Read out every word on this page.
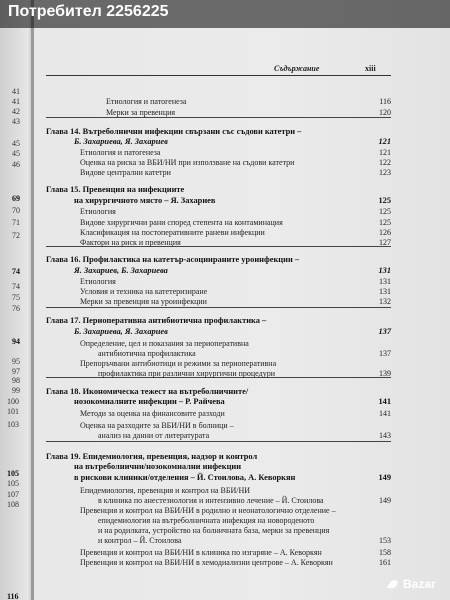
41
41
42
43
45
45
46
69
70
71
72
74
74
75
76
94
95
97
98
99
100
101
103
105
105
107
108
116
Съдържание	xiii
Етиология и патогенеза	116
Мерки за превенция	120
Глава 14. Вътреболнични инфекции свързани със съдови катетри –
Б. Захариева, Я. Захариев	121
Етиология и патогенеза	121
Оценка на риска за ВБИ/НИ при използване на съдови катетри	122
Видове централни катетри	123
Глава 15. Превенция на инфекциите
на хирургичното място – Я. Захариев	125
Етиология	125
Видове хирургични рани според степента на контаминация	125
Класификация на постоперативните раневи инфекции	126
Фактори на риск и превенция	127
Глава 16. Профилактика на катетър-асоциираните уроинфекции –
Я. Захариев, Б. Захариева	131
Етиология	131
Условия и техника на катетеризиране	131
Мерки за превенция на уроинфекции	132
Глава 17. Периоперативна антибиотична профилактика –
Б. Захариева, Я. Захариев	137
Определение, цел и показания за периоперативна
антибиотична профилактика	137
Препоръчвани антибиотици и режими за периоперативна
профилактика при различни хирургични процедури	139
Глава 18. Икономическа тежест на вътреболничните/
нозокомиалните инфекции – Р. Райчева	141
Методи за оценка на финансовите разходи	141
Оценка на разходите за ВБИ/НИ в болници –
анализ на данни от литературата	143
Глава 19. Епидемиология, превенция, надзор и контрол
на вътреболнични/нозокомиални инфекции
в рискови клиники/отделения – Й. Стоилова, А. Кеворкян	149
Епидемиология, превенция и контрол на ВБИ/НИ
в клиника по анестезиология и интензивно лечение – Й. Стоилова	149
Превенция и контрол на ВБИ/НИ в родилно и неонатологично отделение –
епидемиология на вътреболничната инфекция на новороденото
и на родилката, устройство на болничната база, мерки за превенция
и контрол – Й. Стоилова	153
Превенция и контрол на ВБИ/НИ в клиника по изгаряне – А. Кеворкян	158
Превенция и контрол на ВБИ/НИ в хемодиализни центрове – А. Кеворкян	161
Потребител 2256225
Bazar
